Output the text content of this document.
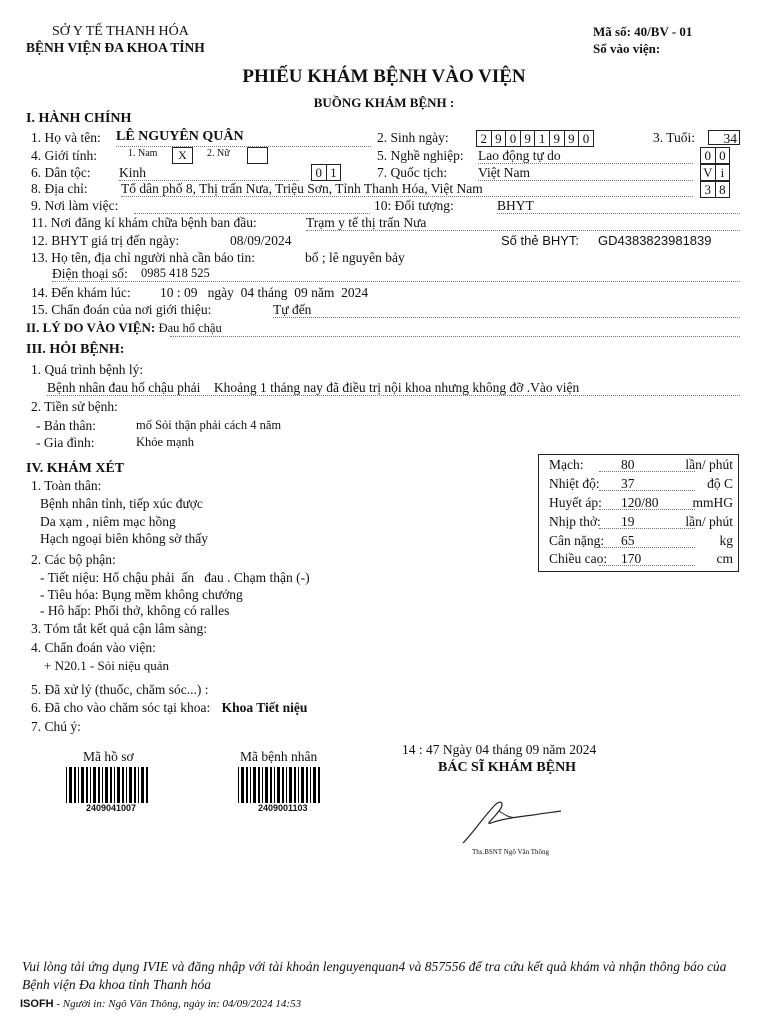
SỞ Y TẾ THANH HÓA
BỆNH VIỆN ĐA KHOA TỈNH
Mã số: 40/BV - 01
Số vào viện:
PHIẾU KHÁM BỆNH VÀO VIỆN
BUỒNG KHÁM BỆNH :
I. HÀNH CHÍNH
1. Họ và tên: LÊ NGUYÊN QUÂN	2. Sinh ngày: 2 9 0 9 1 9 9 0	3. Tuổi:	34
4. Giới tính:	1. Nam	X	2. Nữ	5. Nghề nghiệp: Lao động tự do	0 0
6. Dân tộc: Kinh	0 1	7. Quốc tịch: Việt Nam	V i
8. Địa chỉ: Tổ dân phố 8, Thị trấn Nưa, Triệu Sơn, Tỉnh Thanh Hóa, Việt Nam	3 8
9. Nơi làm việc:	10: Đối tượng:	BHYT
11. Nơi đăng kí khám chữa bệnh ban đầu:	Trạm y tế thị trấn Nưa
12. BHYT giá trị đến ngày:	08/09/2024	Số thẻ BHYT: GD4383823981839
13. Họ tên, địa chỉ người nhà cần báo tin:	bố ; lê nguyên bảy
Điện thoại số: 0985 418 525
14. Đến khám lúc: 10 : 09   ngày  04 tháng  09 năm  2024
15. Chẩn đoán của nơi giới thiệu:	Tự đến
II. LÝ DO VÀO VIỆN: Đau hố chậu
III. HỎI BỆNH:
1. Quá trình bệnh lý:
Bệnh nhân đau hố chậu phải    Khoảng 1 tháng nay đã điều trị nội khoa nhưng không đỡ .Vào viện
2. Tiền sử bệnh:
- Bản thân:	mổ Sỏi thận phải cách 4 năm
- Gia đình:	Khỏe mạnh
IV. KHÁM XÉT
1. Toàn thân:
Bệnh nhân tỉnh, tiếp xúc được
Da xạm , niêm mạc hồng
Hạch ngoại biên không sờ thấy
2. Các bộ phận:
- Tiết niệu: Hố chậu phải  ấn   đau . Chạm thận (-)
- Tiêu hóa: Bụng mềm không chướng
- Hô hấp: Phổi thở, không có ralles
3. Tóm tắt kết quả cận lâm sàng:
4. Chẩn đoán vào viện:
+ N20.1 - Sỏi niệu quản
5. Đã xử lý (thuốc, chăm sóc...) :
6. Đã cho vào chăm sóc tại khoa: Khoa Tiết niệu
7. Chú ý:
Mạch:	80	lần/ phút
Nhiệt độ: 37	độ C
Huyết áp: 120/80	mmHG
Nhịp thở: 19	lần/ phút
Cân nặng: 65	kg
Chiều cao: 170	cm
Mã hồ sơ
2409041007
Mã bệnh nhân
2409001103
14 : 47 Ngày 04 tháng 09 năm 2024
BÁC SĨ KHÁM BỆNH
Ths.BSNT Ngô Văn Thông
Vui lòng tải ứng dụng IVIE và đăng nhập với tài khoản lenguyenquan4 và 857556 để tra cứu kết quả khám và nhận thông báo của Bệnh viện Đa khoa tỉnh Thanh hóa
ISOFH - Người in: Ngô Văn Thông, ngày in: 04/09/2024 14:53
